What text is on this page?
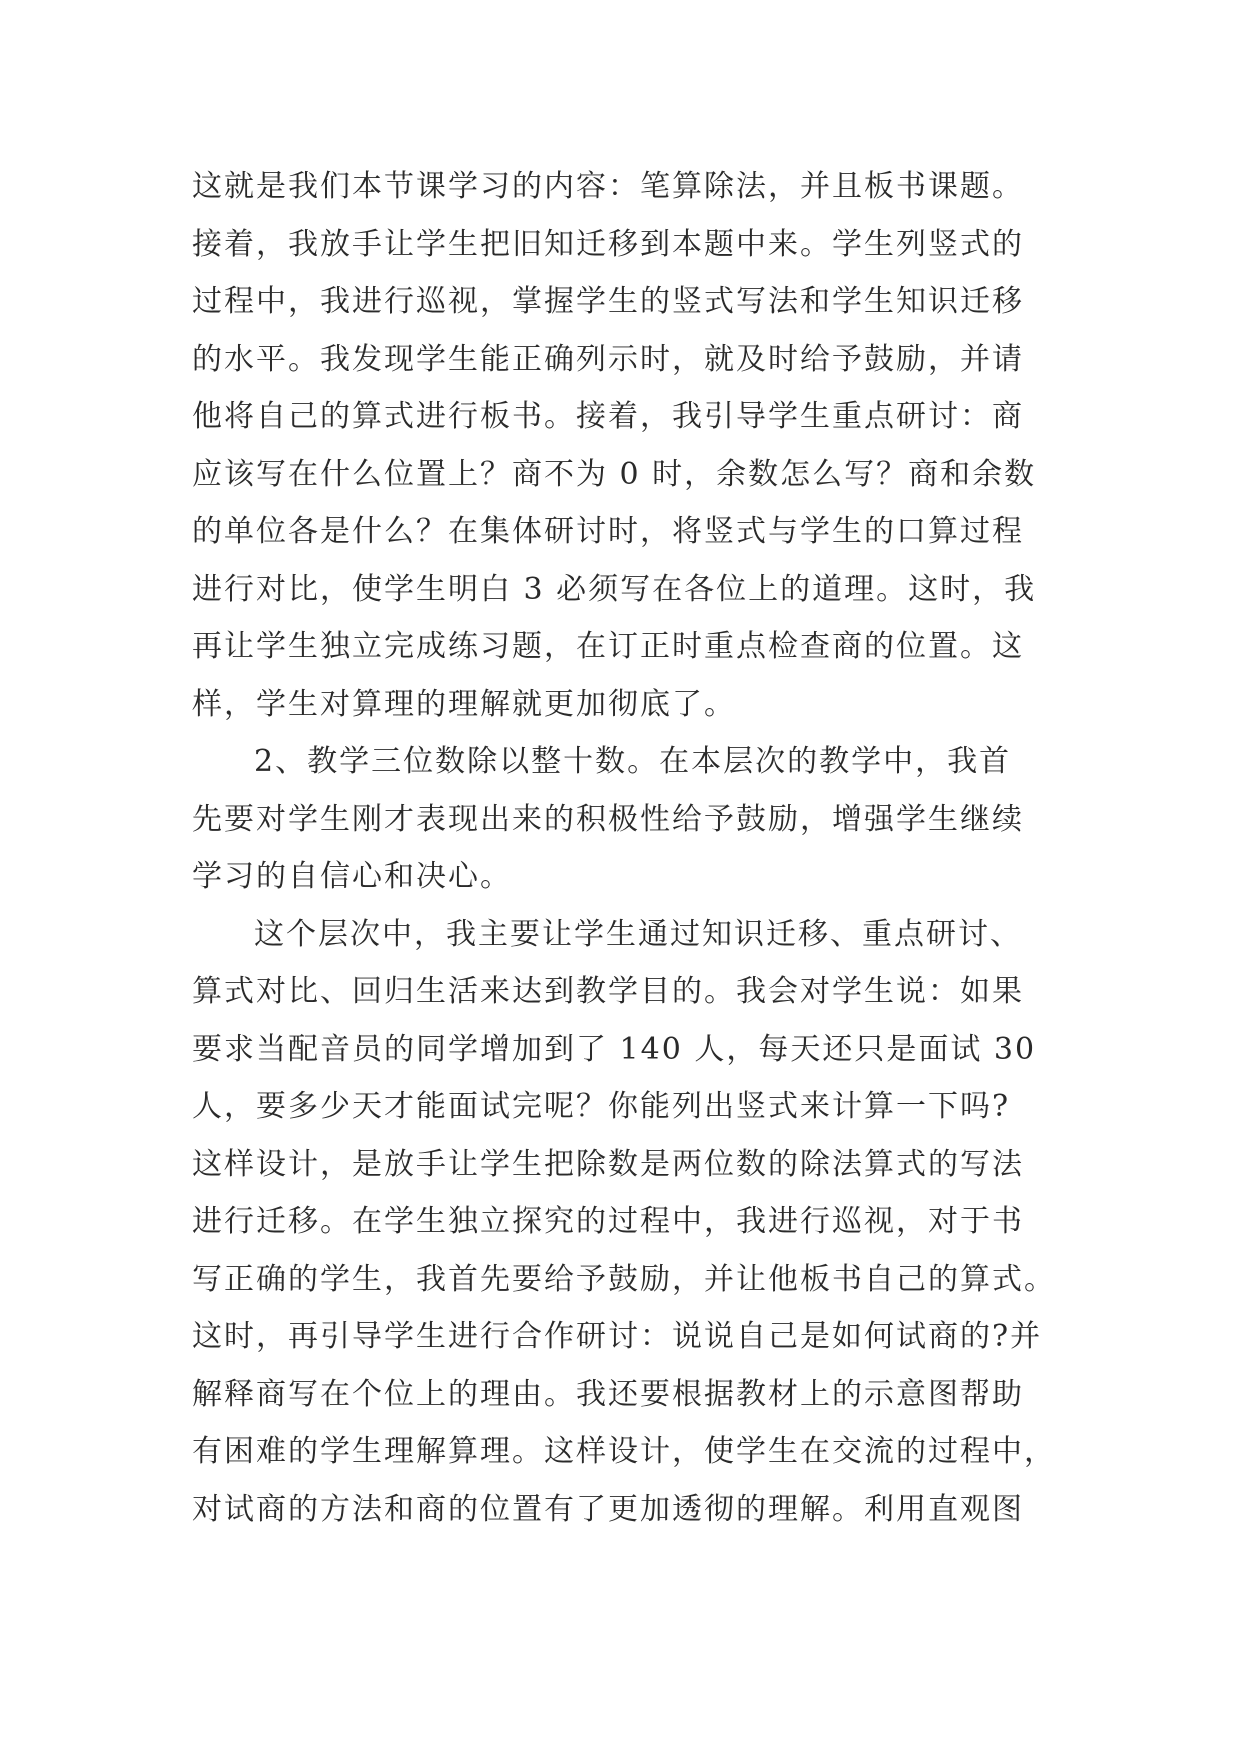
这就是我们本节课学习的内容：笔算除法，并且板书课题。
接着，我放手让学生把旧知迁移到本题中来。学生列竖式的
过程中，我进行巡视，掌握学生的竖式写法和学生知识迁移
的水平。我发现学生能正确列示时，就及时给予鼓励，并请
他将自己的算式进行板书。接着，我引导学生重点研讨：商
应该写在什么位置上？商不为 0 时，余数怎么写？商和余数
的单位各是什么？在集体研讨时，将竖式与学生的口算过程
进行对比，使学生明白 3 必须写在各位上的道理。这时，我
再让学生独立完成练习题，在订正时重点检查商的位置。这
样，学生对算理的理解就更加彻底了。
2、教学三位数除以整十数。在本层次的教学中，我首
先要对学生刚才表现出来的积极性给予鼓励，增强学生继续
学习的自信心和决心。
这个层次中，我主要让学生通过知识迁移、重点研讨、
算式对比、回归生活来达到教学目的。我会对学生说：如果
要求当配音员的同学增加到了 140 人，每天还只是面试 30
人，要多少天才能面试完呢？你能列出竖式来计算一下吗?
这样设计，是放手让学生把除数是两位数的除法算式的写法
进行迁移。在学生独立探究的过程中，我进行巡视，对于书
写正确的学生，我首先要给予鼓励，并让他板书自己的算式。
这时，再引导学生进行合作研讨：说说自己是如何试商的?并
解释商写在个位上的理由。我还要根据教材上的示意图帮助
有困难的学生理解算理。这样设计，使学生在交流的过程中，
对试商的方法和商的位置有了更加透彻的理解。利用直观图
